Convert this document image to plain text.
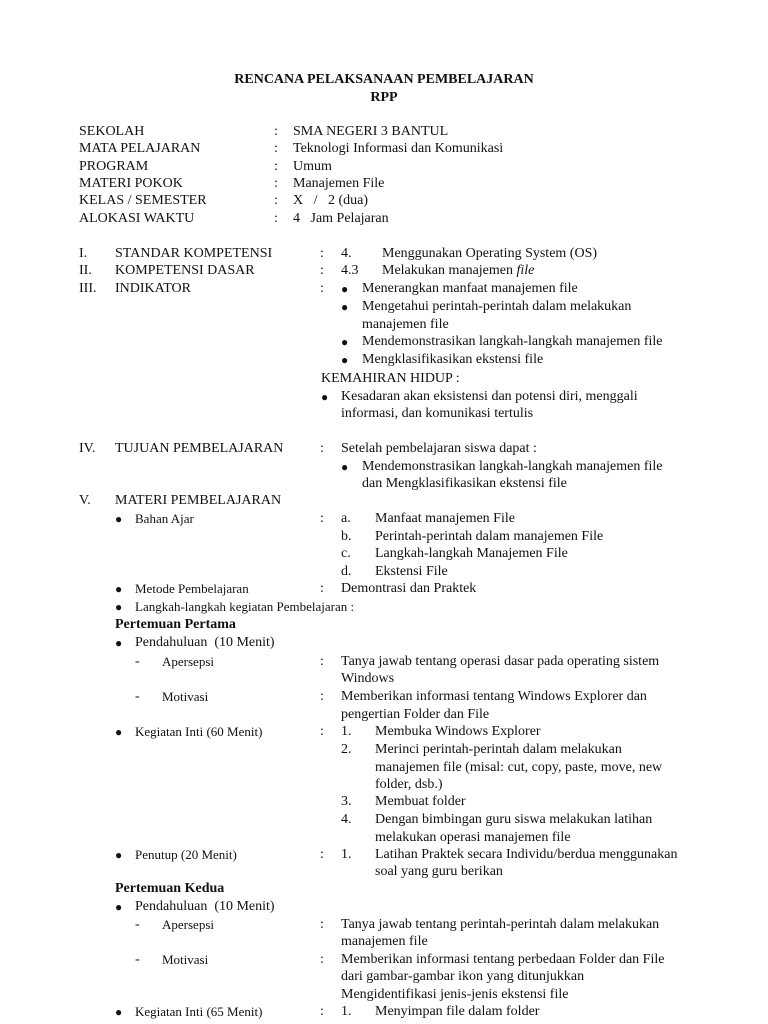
RENCANA PELAKSANAAN PEMBELAJARAN
RPP
SEKOLAH	: SMA NEGERI 3 BANTUL
MATA PELAJARAN	: Teknologi Informasi dan Komunikasi
PROGRAM	: Umum
MATERI POKOK	: Manajemen File
KELAS / SEMESTER	: X   /   2 (dua)
ALOKASI WAKTU	: 4   Jam Pelajaran
I. STANDAR KOMPETENSI	: 4. Menggunakan Operating System (OS)
II. KOMPETENSI DASAR	: 4.3 Melakukan manajemen file
III. INDIKATOR	: ● Menerangkan manfaat manajemen file
● Mengetahui perintah-perintah dalam melakukan
manajemen file
● Mendemonstrasikan langkah-langkah manajemen file
● Mengklasifikasikan ekstensi file
KEMAHIRAN HIDUP :
● Kesadaran akan eksistensi dan potensi diri, menggali
informasi, dan komunikasi tertulis
IV. TUJUAN PEMBELAJARAN	: Setelah pembelajaran siswa dapat :
● Mendemonstrasikan langkah-langkah manajemen file
dan Mengklasifikasikan ekstensi file
V. MATERI PEMBELAJARAN
● Bahan Ajar	: a. Manfaat manajemen File
b. Perintah-perintah dalam manajemen File
c. Langkah-langkah Manajemen File
d. Ekstensi File
● Metode Pembelajaran	: Demontrasi dan Praktek
● Langkah-langkah kegiatan Pembelajaran :
Pertemuan Pertama
● Pendahuluan  (10 Menit)
- Apersepsi	: Tanya jawab tentang operasi dasar pada operating sistem
Windows
- Motivasi	: Memberikan informasi tentang Windows Explorer dan
pengertian Folder dan File
● Kegiatan Inti (60 Menit)	: 1. Membuka Windows Explorer
2. Merinci perintah-perintah dalam melakukan
manajemen file (misal: cut, copy, paste, move, new
folder, dsb.)
3. Membuat folder
4. Dengan bimbingan guru siswa melakukan latihan
melakukan operasi manajemen file
● Penutup (20 Menit)	: 1. Latihan Praktek secara Individu/berdua menggunakan
soal yang guru berikan
Pertemuan Kedua
● Pendahuluan  (10 Menit)
- Apersepsi	: Tanya jawab tentang perintah-perintah dalam melakukan
manajemen file
- Motivasi	: Memberikan informasi tentang perbedaan Folder dan File
dari gambar-gambar ikon yang ditunjukkan
Mengidentifikasi jenis-jenis ekstensi file
● Kegiatan Inti (65 Menit)	: 1. Menyimpan file dalam folder
